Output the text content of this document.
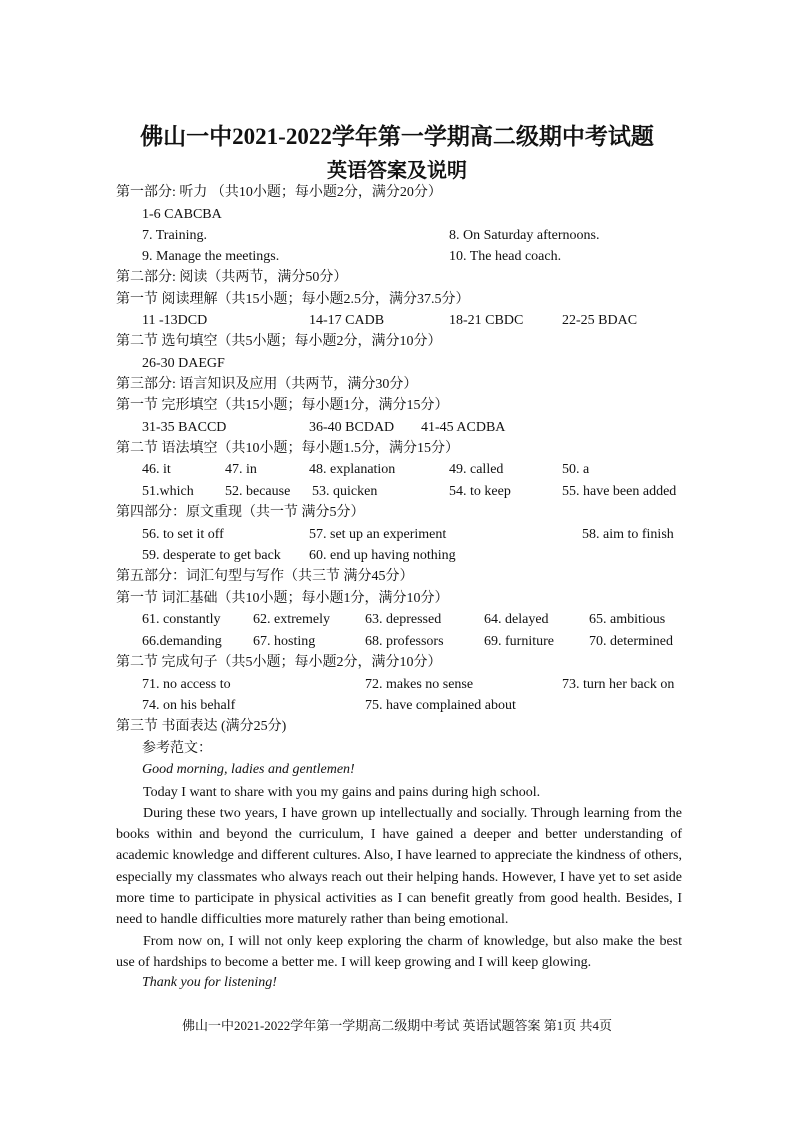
佛山一中2021-2022学年第一学期高二级期中考试题
英语答案及说明
第一部分: 听力 （共10小题；每小题2分，满分20分）
1-6 CABCBA
7. Training.	8. On Saturday afternoons.
9. Manage the meetings.	10. The head coach.
第二部分: 阅读（共两节，满分50分）
第一节 阅读理解（共15小题；每小题2.5分，满分37.5分）
11 -13DCD	14-17 CADB	18-21 CBDC	22-25 BDAC
第二节 选句填空（共5小题；每小题2分，满分10分）
26-30 DAEGF
第三部分: 语言知识及应用（共两节，满分30分）
第一节 完形填空（共15小题；每小题1分，满分15分）
31-35 BACCD	36-40 BCDAD 41-45 ACDBA
第二节 语法填空（共10小题；每小题1.5分，满分15分）
46. it	47. in	48. explanation	49. called	50. a
51.which 52. because 53. quicken	54. to keep	55. have been added
第四部分：原文重现（共一节 满分5分）
56. to set it off	57. set up an experiment	58. aim to finish
59. desperate to get back 60. end up having nothing
第五部分：词汇句型与写作（共三节 满分45分）
第一节 词汇基础（共10小题；每小题1分，满分10分）
61. constantly 62. extremely	63. depressed	64. delayed	65. ambitious
66.demanding 67. hosting	68. professors	69. furniture	70. determined
第二节 完成句子（共5小题；每小题2分，满分10分）
71. no access to	72. makes no sense	73. turn her back on
74. on his behalf	75. have complained about
第三节 书面表达 (满分25分)
参考范文：
Good morning, ladies and gentlemen!

Today I want to share with you my gains and pains during high school.

During these two years, I have grown up intellectually and socially. Through learning from the books within and beyond the curriculum, I have gained a deeper and better understanding of academic knowledge and different cultures. Also, I have learned to appreciate the kindness of others, especially my classmates who always reach out their helping hands. However, I have yet to set aside more time to participate in physical activities as I can benefit greatly from good health. Besides, I need to handle difficulties more maturely rather than being emotional.

From now on, I will not only keep exploring the charm of knowledge, but also make the best use of hardships to become a better me. I will keep growing and I will keep glowing.

Thank you for listening!
佛山一中2021-2022学年第一学期高二级期中考试 英语试题答案 第1页 共4页
